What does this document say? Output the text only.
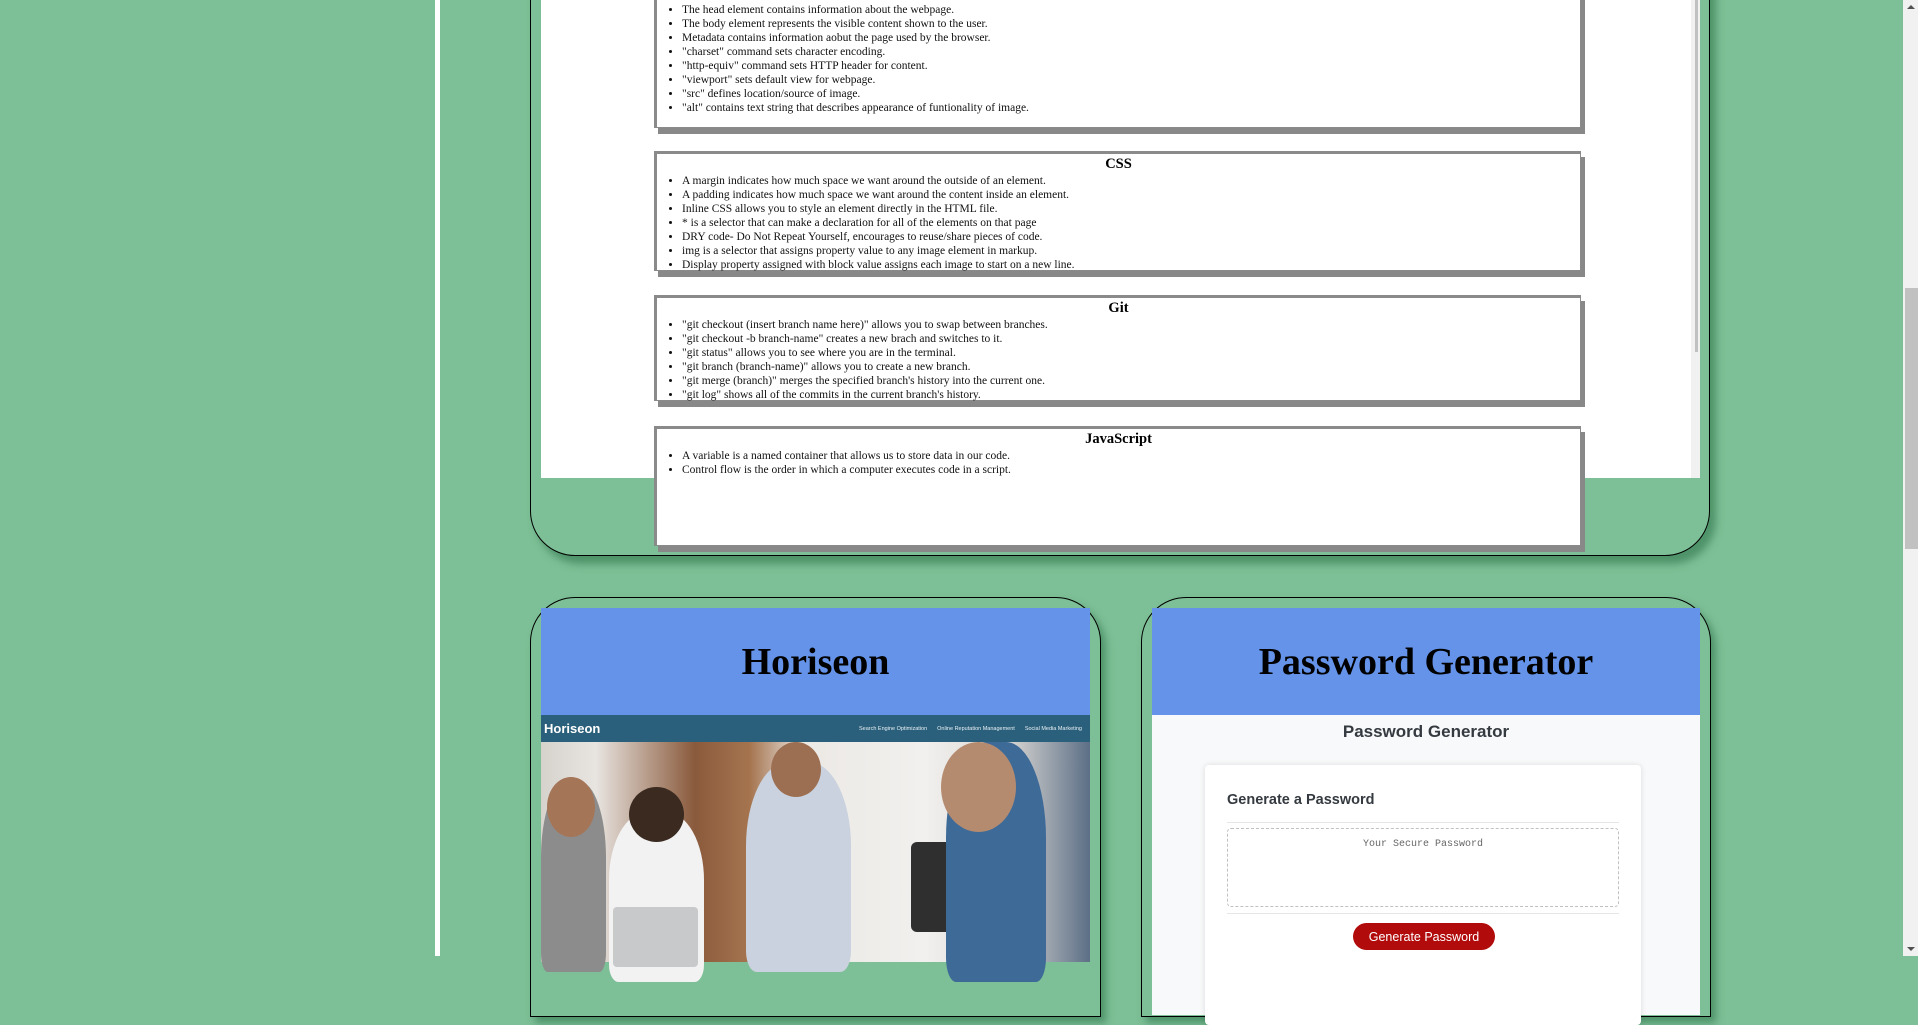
• The head element contains information about the webpage.
• The body element represents the visible content shown to the user.
• Metadata contains information aobut the page used by the browser.
• "charset" command sets character encoding.
• "http-equiv" command sets HTTP header for content.
• "viewport" sets default view for webpage.
• "src" defines location/source of image.
• "alt" contains text string that describes appearance of funtionality of image.
CSS
• A margin indicates how much space we want around the outside of an element.
• A padding indicates how much space we want around the content inside an element.
• Inline CSS allows you to style an element directly in the HTML file.
• * is a selector that can make a declaration for all of the elements on that page
• DRY code- Do Not Repeat Yourself, encourages to reuse/share pieces of code.
• img is a selector that assigns property value to any image element in markup.
• Display property assigned with block value assigns each image to start on a new line.
Git
• "git checkout (insert branch name here)" allows you to swap between branches.
• "git checkout -b branch-name" creates a new brach and switches to it.
• "git status" allows you to see where you are in the terminal.
• "git branch (branch-name)" allows you to create a new branch.
• "git merge (branch)" merges the specified branch's history into the current one.
• "git log" shows all of the commits in the current branch's history.
JavaScript
• A variable is a named container that allows us to store data in our code.
• Control flow is the order in which a computer executes code in a script.
HTML/CSS/JavaScript
Horiseon
Horiseon	Search Engine Optimization Online Reputation Management Social Media Marketing
Password Generator
Password Generator
Generate a Password
Your Secure Password
Generate Password
